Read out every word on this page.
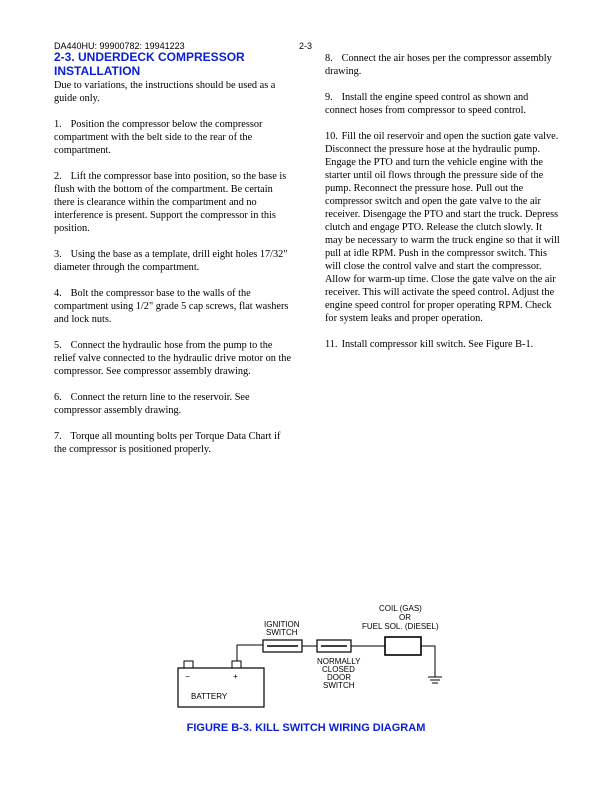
DA440HU: 99900782: 19941223	2-3
2-3. UNDERDECK COMPRESSOR
INSTALLATION

Due to variations, the instructions should be used as a guide only.

1. Position the compressor below the compressor compartment with the belt side to the rear of the compartment.

2. Lift the compressor base into position, so the base is flush with the bottom of the compartment. Be certain there is clearance within the compartment and no interference is present. Support the compressor in this position.

3. Using the base as a template, drill eight holes 17/32" diameter through the compartment.

4. Bolt the compressor base to the walls of the compartment using 1/2" grade 5 cap screws, flat washers and lock nuts.

5. Connect the hydraulic hose from the pump to the relief valve connected to the hydraulic drive motor on the compressor. See compressor assembly drawing.

6. Connect the return line to the reservoir. See compressor assembly drawing.

7. Torque all mounting bolts per Torque Data Chart if the compressor is positioned properly.

8. Connect the air hoses per the compressor assembly drawing.

9. Install the engine speed control as shown and connect hoses from compressor to speed control.

10. Fill the oil reservoir and open the suction gate valve. Disconnect the pressure hose at the hydraulic pump. Engage the PTO and turn the vehicle engine with the starter until oil flows through the pressure side of the pump. Reconnect the pressure hose. Pull out the compressor switch and open the gate valve to the air receiver. Disengage the PTO and start the truck. Depress clutch and engage PTO. Release the clutch slowly. It may be necessary to warm the truck engine so that it will pull at idle RPM. Push in the compressor switch. This will close the control valve and start the compressor. Allow for warm-up time. Close the gate valve on the air receiver. This will activate the speed control. Adjust the engine speed control for proper operating RPM. Check for system leaks and proper operation.

11. Install compressor kill switch. See Figure B-1.

−	+
BATTERY
IGNITION
SWITCH
NORMALLY
CLOSED
DOOR
SWITCH
COIL (GAS)
OR
FUEL SOL. (DIESEL)
FIGURE B-3. KILL SWITCH WIRING DIAGRAM
